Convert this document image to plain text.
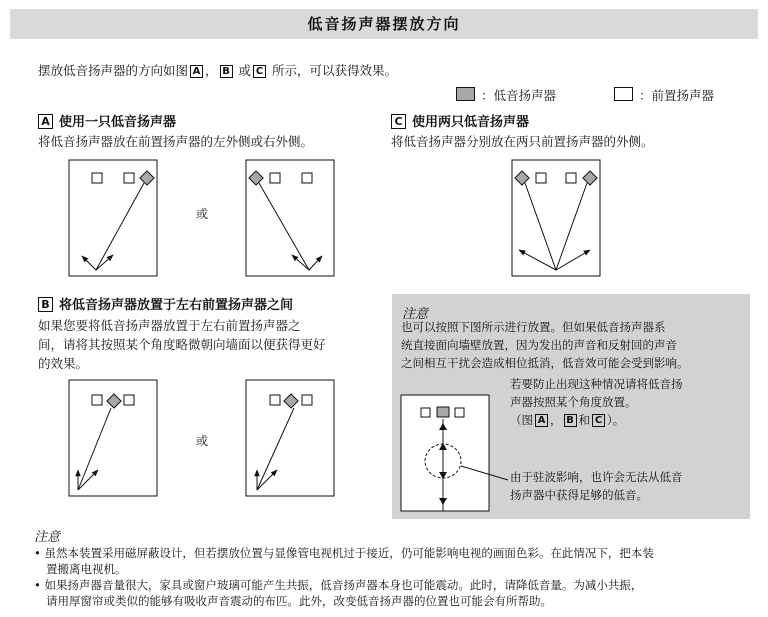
低音扬声器摆放方向
摆放低音扬声器的方向如图 A ， B 或 C 所示，可以获得效果。
：低音扬声器	：前置扬声器
A 使用一只低音扬声器
将低音扬声器放在前置扬声器的左外侧或右外侧。
或
C 使用两只低音扬声器
将低音扬声器分别放在两只前置扬声器的外侧。
B 将低音扬声器放置于左右前置扬声器之间
如果您要将低音扬声器放置于左右前置扬声器之
间，请将其按照某个角度略微朝向墙面以便获得更好
的效果。
或
注意
也可以按照下图所示进行放置。但如果低音扬声器系
统直接面向墙壁放置，因为发出的声音和反射回的声音
之间相互干扰会造成相位抵消，低音效可能会受到影响。
若要防止出现这种情况请将低音扬
声器按照某个角度放置。
（图 A ， B 和 C ）。
由于驻波影响，也许会无法从低音
扬声器中获得足够的低音。
注意
• 虽然本装置采用磁屏蔽设计，但若摆放位置与显像管电视机过于接近，仍可能影响电视的画面色彩。在此情况下，把本装
置搬离电视机。
• 如果扬声器音量很大，家具或窗户玻璃可能产生共振，低音扬声器本身也可能震动。此时，请降低音量。为减小共振，
请用厚窗帘或类似的能够有吸收声音震动的布匹。此外，改变低音扬声器的位置也可能会有所帮助。
